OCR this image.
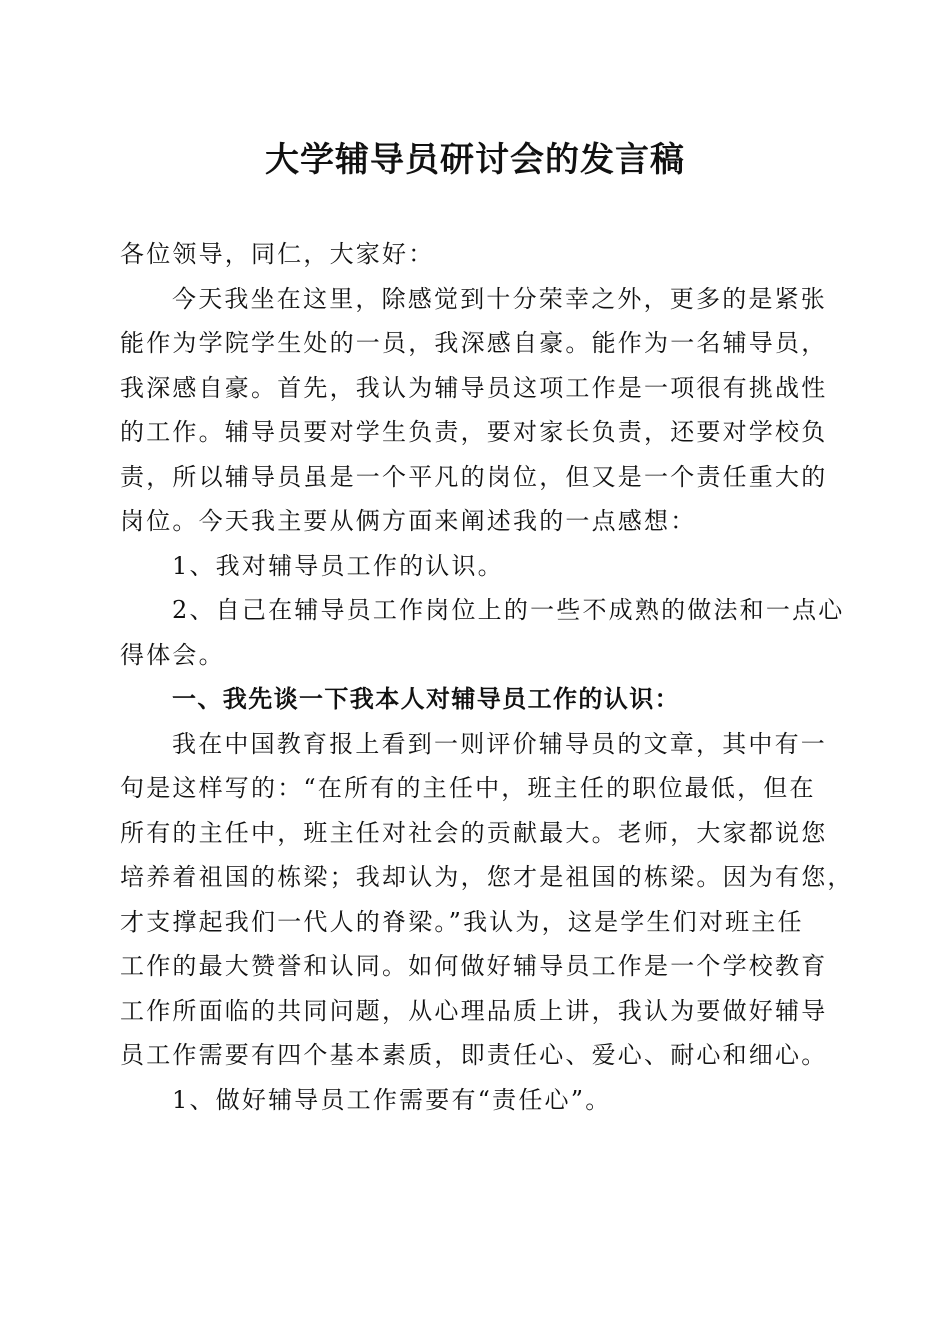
大学辅导员研讨会的发言稿
各位领导，同仁，大家好：
今天我坐在这里，除感觉到十分荣幸之外，更多的是紧张
能作为学院学生处的一员，我深感自豪。能作为一名辅导员，
我深感自豪。首先，我认为辅导员这项工作是一项很有挑战性
的工作。辅导员要对学生负责，要对家长负责，还要对学校负
责，所以辅导员虽是一个平凡的岗位，但又是一个责任重大的
岗位。今天我主要从俩方面来阐述我的一点感想：
1、我对辅导员工作的认识。
2、自己在辅导员工作岗位上的一些不成熟的做法和一点心
得体会。
一、我先谈一下我本人对辅导员工作的认识：
我在中国教育报上看到一则评价辅导员的文章，其中有一
句是这样写的：“在所有的主任中，班主任的职位最低，但在
所有的主任中，班主任对社会的贡献最大。老师，大家都说您
培养着祖国的栋梁；我却认为，您才是祖国的栋梁。因为有您，
才支撑起我们一代人的脊梁。”我认为，这是学生们对班主任
工作的最大赞誉和认同。如何做好辅导员工作是一个学校教育
工作所面临的共同问题，从心理品质上讲，我认为要做好辅导
员工作需要有四个基本素质，即责任心、爱心、耐心和细心。
1、做好辅导员工作需要有“责任心”。
